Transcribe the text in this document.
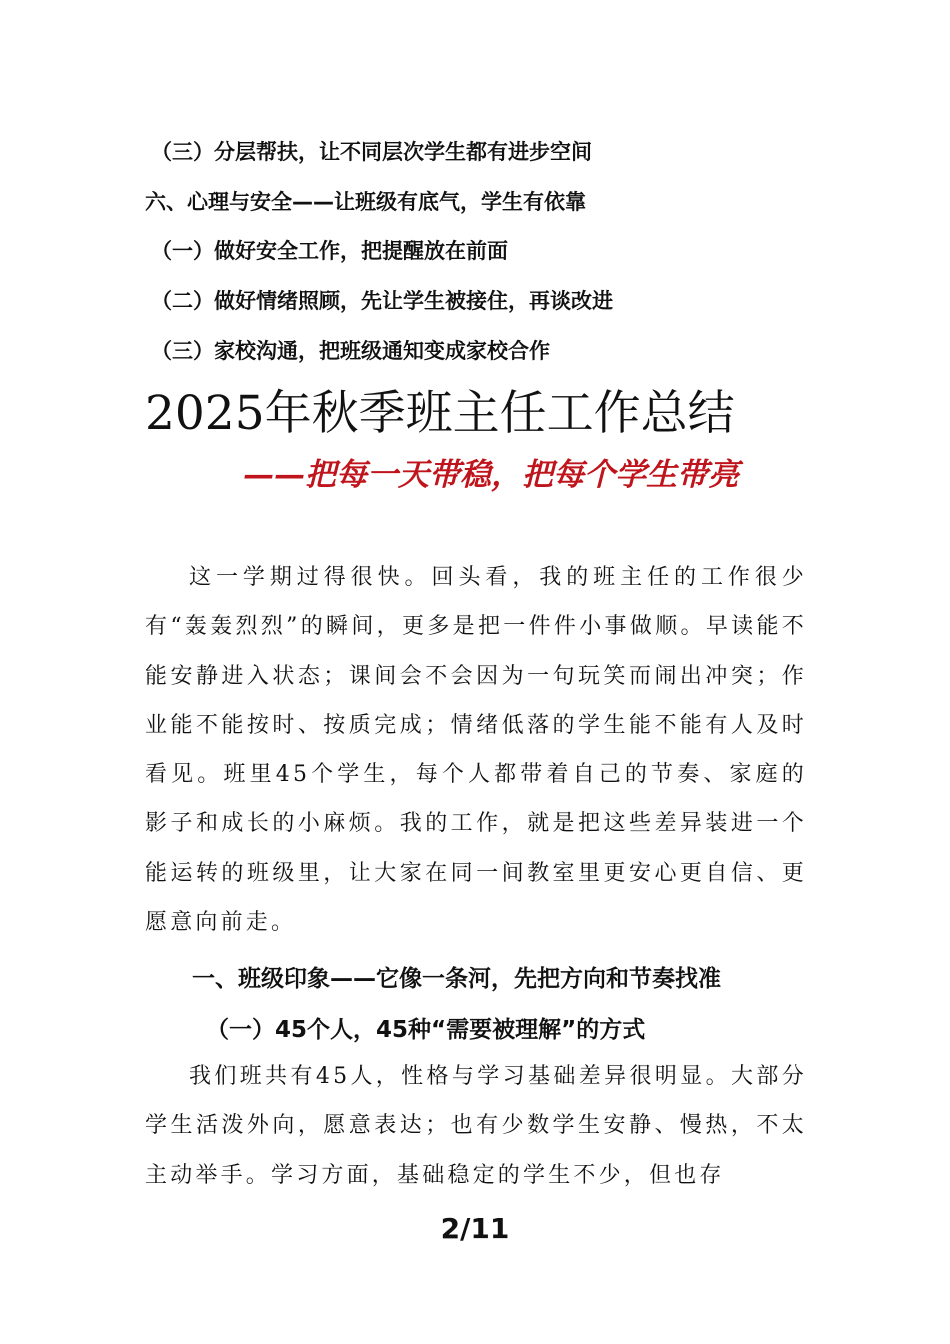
（三）分层帮扶，让不同层次学生都有进步空间
六、心理与安全——让班级有底气，学生有依靠
（一）做好安全工作，把提醒放在前面
（二）做好情绪照顾，先让学生被接住，再谈改进
（三）家校沟通，把班级通知变成家校合作
2025年秋季班主任工作总结
——把每一天带稳，把每个学生带亮

这一学期过得很快。回头看，我的班主任的工作很少有“轰轰烈烈”的瞬间，更多是把一件件小事做顺。早读能不能安静进入状态；课间会不会因为一句玩笑而闹出冲突；作业能不能按时、按质完成；情绪低落的学生能不能有人及时看见。班里45个学生，每个人都带着自己的节奏、家庭的影子和成长的小麻烦。我的工作，就是把这些差异装进一个能运转的班级里，让大家在同一间教室里更安心更自信、更愿意向前走。

一、班级印象——它像一条河，先把方向和节奏找准
（一）45个人，45种“需要被理解”的方式

我们班共有45人，性格与学习基础差异很明显。大部分学生活泼外向，愿意表达；也有少数学生安静、慢热，不太主动举手。学习方面，基础稳定的学生不少，但也存

2/11
